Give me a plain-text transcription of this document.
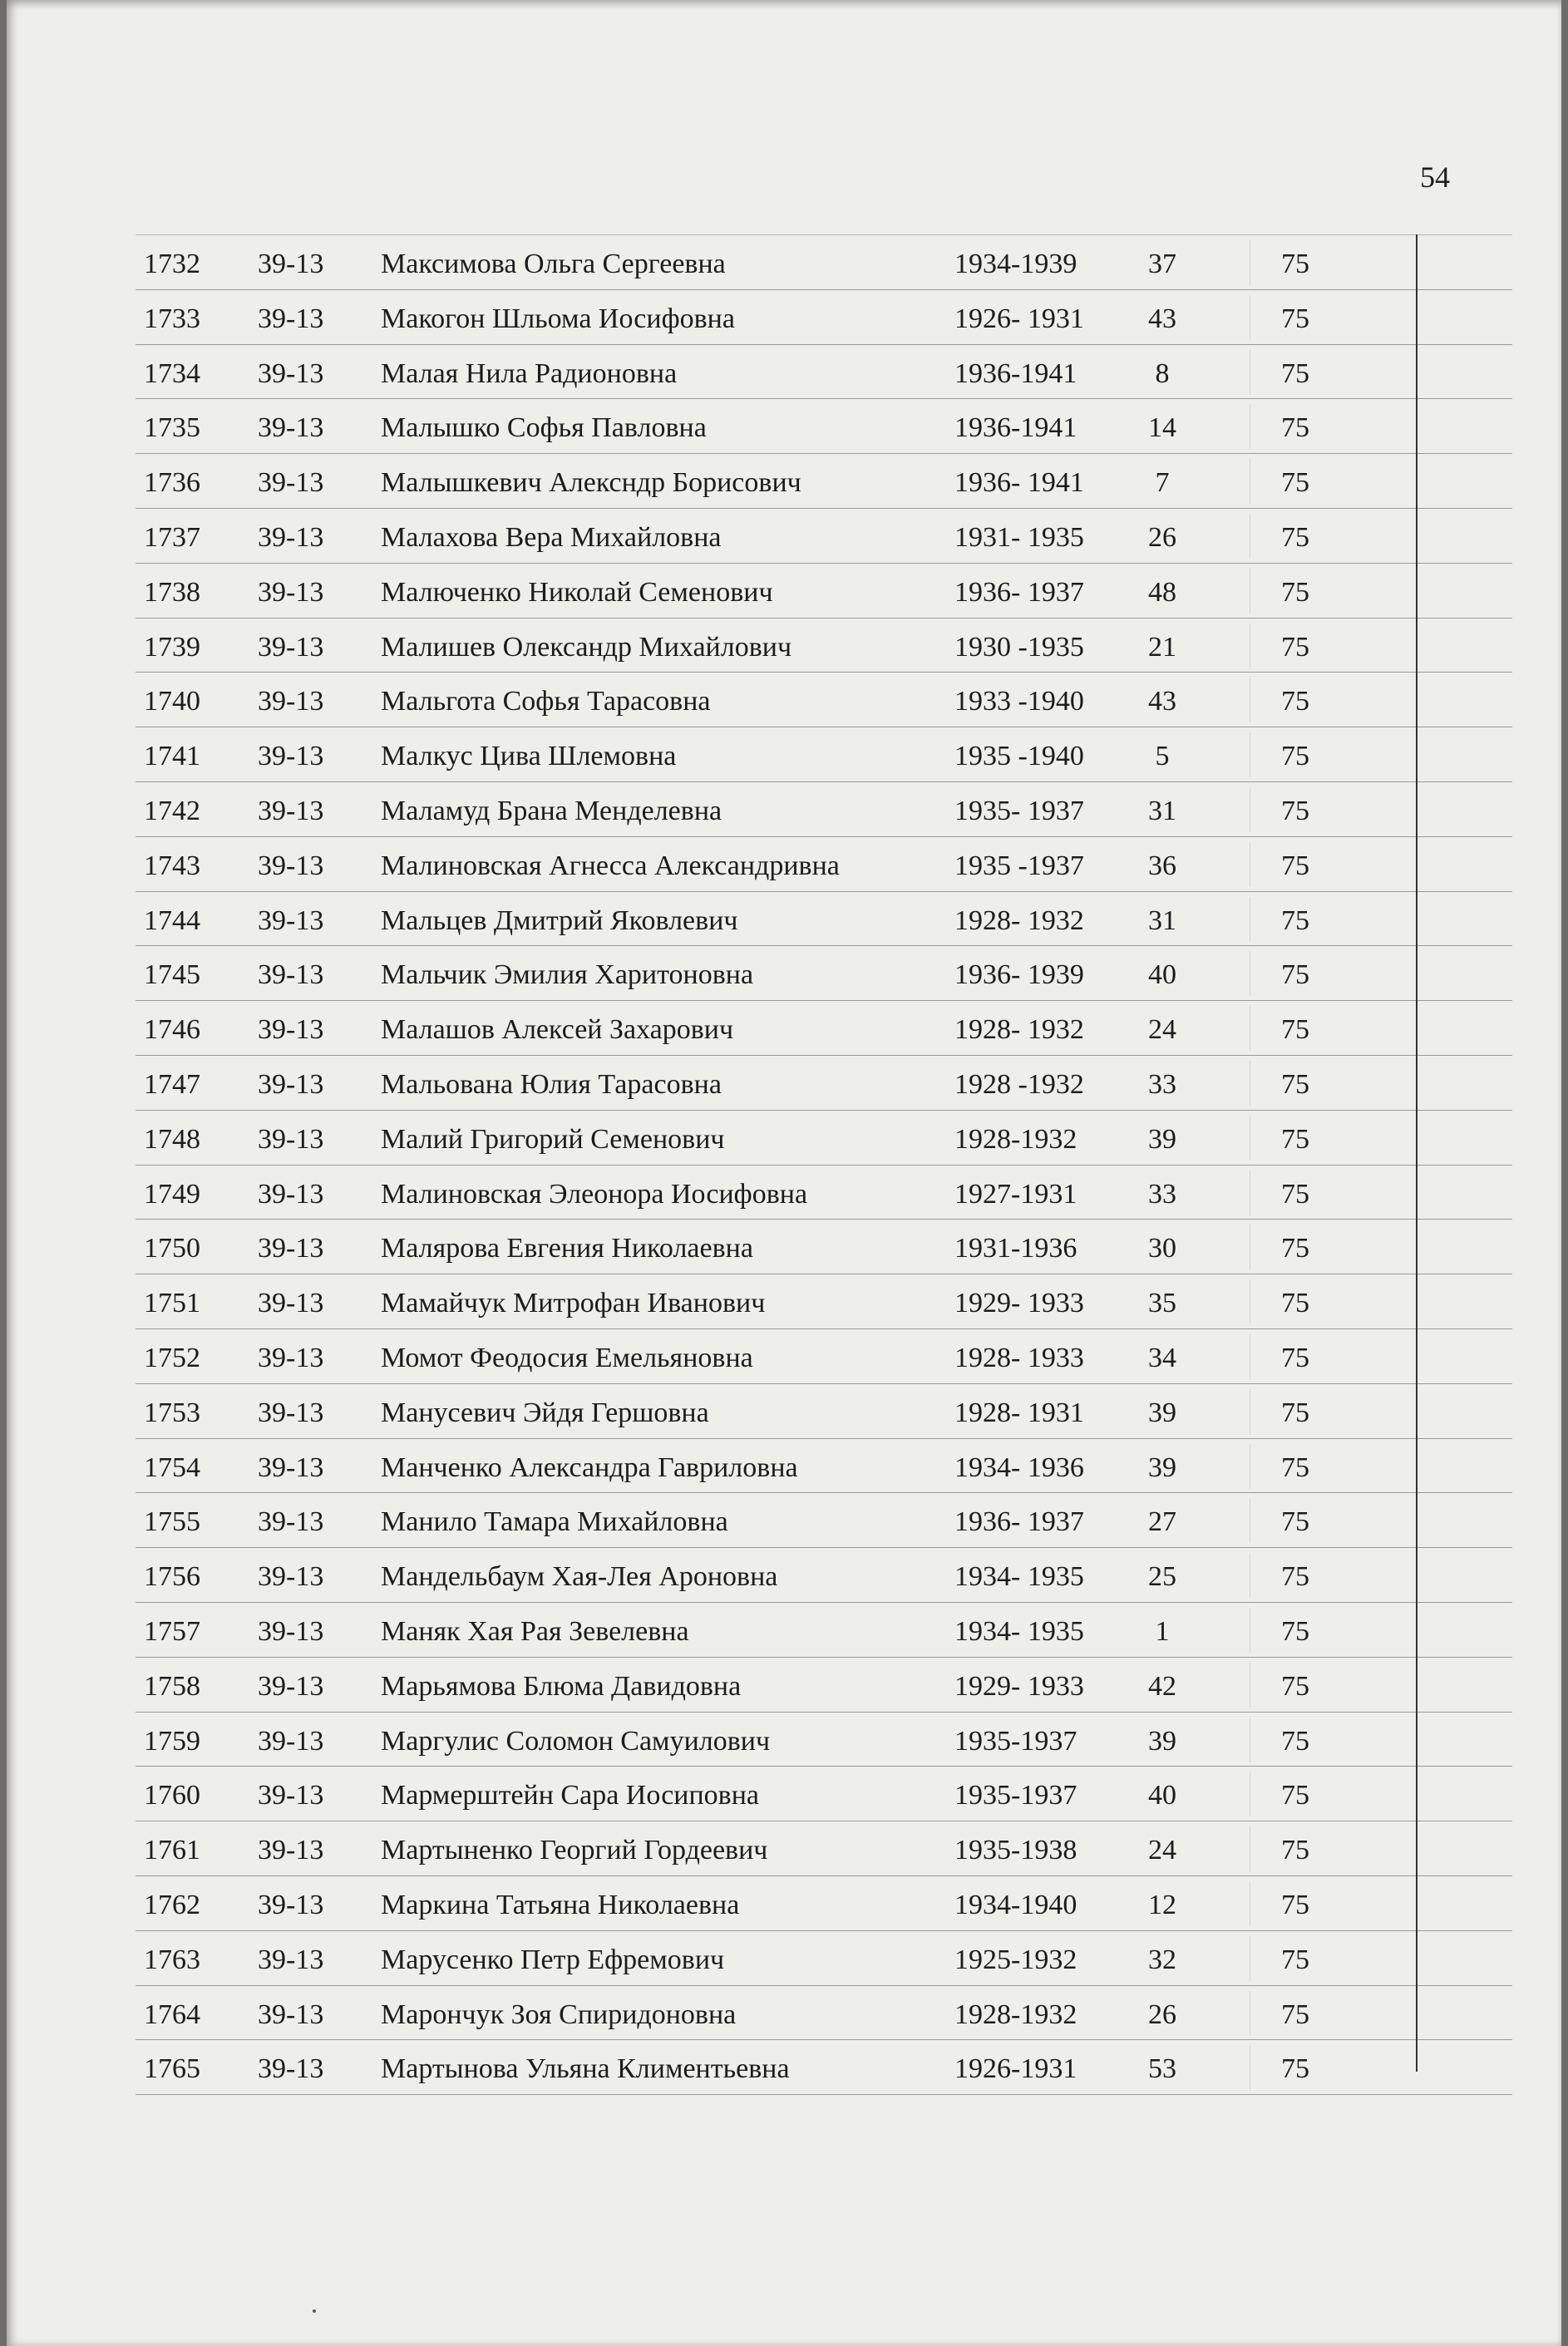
54
1732 39-13 Максимова Ольга Сергеевна	1934-1939	37	75
1733 39-13 Макогон Шльома Иосифовна	1926- 1931	43	75
1734 39-13 Малая Нила Радионовна	1936-1941	8	75
1735 39-13 Малышко Софья Павловна	1936-1941	14	75
1736 39-13 Малышкевич Алексндр Борисович	1936- 1941	7	75
1737 39-13 Малахова Вера Михайловна	1931- 1935	26	75
1738 39-13 Малюченко Николай Семенович	1936- 1937	48	75
1739 39-13 Малишев Олександр Михайлович	1930 -1935	21	75
1740 39-13 Мальгота Софья Тарасовна	1933 -1940	43	75
1741 39-13 Малкус Цива Шлемовна	1935 -1940	5	75
1742 39-13 Маламуд Брана Менделевна	1935- 1937	31	75
1743 39-13 Малиновская Агнесса Александривна	1935 -1937	36	75
1744 39-13 Мальцев Дмитрий Яковлевич	1928- 1932	31	75
1745 39-13 Мальчик Эмилия Харитоновна	1936- 1939	40	75
1746 39-13 Малашов Алексей Захарович	1928- 1932	24	75
1747 39-13 Мальована Юлия Тарасовна	1928 -1932	33	75
1748 39-13 Малий Григорий Семенович	1928-1932	39	75
1749 39-13 Малиновская Элеонора Иосифовна	1927-1931	33	75
1750 39-13 Малярова Евгения Николаевна	1931-1936	30	75
1751 39-13 Мамайчук Митрофан Иванович	1929- 1933	35	75
1752 39-13 Момот Феодосия Емельяновна	1928- 1933	34	75
1753 39-13 Манусевич Эйдя Гершовна	1928- 1931	39	75
1754 39-13 Манченко Александра Гавриловна	1934- 1936	39	75
1755 39-13 Манило Тамара Михайловна	1936- 1937	27	75
1756 39-13 Мандельбаум Хая-Лея Ароновна	1934- 1935	25	75
1757 39-13 Маняк Хая Рая Зевелевна	1934- 1935	1	75
1758 39-13 Марьямова Блюма Давидовна	1929- 1933	42	75
1759 39-13 Маргулис Соломон Самуилович	1935-1937	39	75
1760 39-13 Мармерштейн Сара Иосиповна	1935-1937	40	75
1761 39-13 Мартыненко Георгий Гордеевич	1935-1938	24	75
1762 39-13 Маркина Татьяна Николаевна	1934-1940	12	75
1763 39-13 Марусенко Петр Ефремович	1925-1932	32	75
1764 39-13 Марончук Зоя Спиридоновна	1928-1932	26	75
1765 39-13 Мартынова Ульяна Климентьевна	1926-1931	53	75
